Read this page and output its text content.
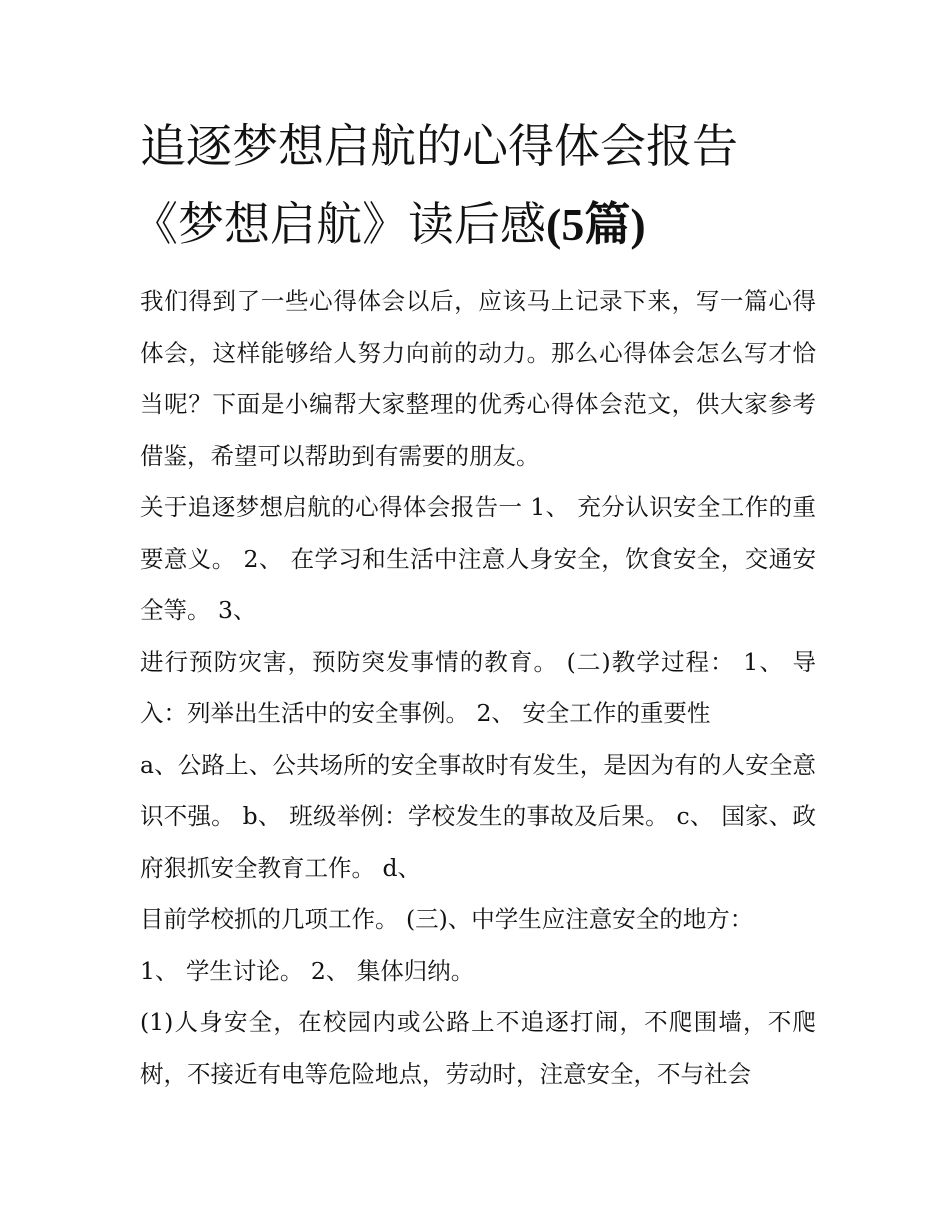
追逐梦想启航的心得体会报告
《梦想启航》读后感(5篇)

我们得到了一些心得体会以后，应该马上记录下来，写一篇心得体会，这样能够给人努力向前的动力。那么心得体会怎么写才恰当呢？下面是小编帮大家整理的优秀心得体会范文，供大家参考借鉴，希望可以帮助到有需要的朋友。

关于追逐梦想启航的心得体会报告一 1、 充分认识安全工作的重要意义。 2、 在学习和生活中注意人身安全，饮食安全，交通安全等。 3、

进行预防灾害，预防突发事情的教育。 (二)教学过程： 1、 导入：列举出生活中的安全事例。 2、 安全工作的重要性

a、公路上、公共场所的安全事故时有发生，是因为有的人安全意识不强。 b、 班级举例：学校发生的事故及后果。 c、 国家、政府狠抓安全教育工作。 d、

目前学校抓的几项工作。 (三)、中学生应注意安全的地方：

1、 学生讨论。 2、 集体归纳。

(1)人身安全，在校园内或公路上不追逐打闹，不爬围墙，不爬树，不接近有电等危险地点，劳动时，注意安全，不与社会
